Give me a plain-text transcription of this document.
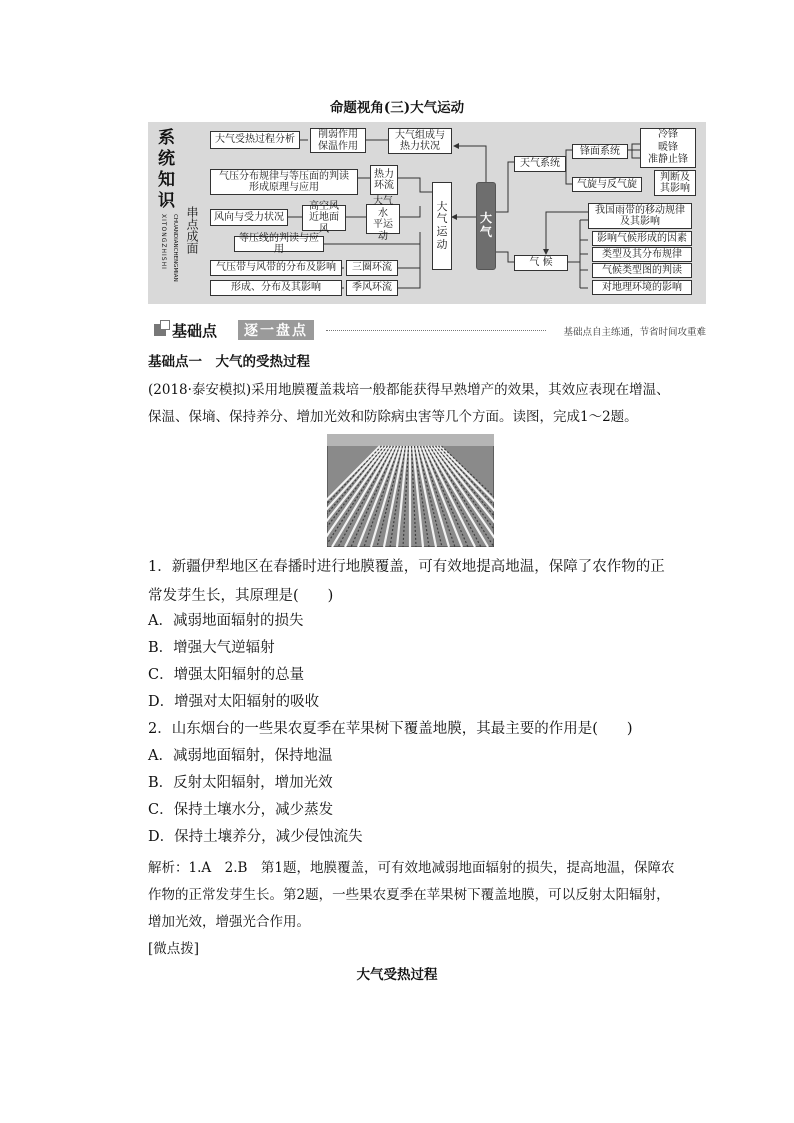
命题视角(三)大气运动
系
统
知
识
XITONGZHISHI 串点成面
CHUANDIANCHENGMIAN
大气受热过程分析	削弱作用
保温作用
大气组成与
热力状况
气压分布规律与等压面的判读
形成原理与应用
热力
环流
风向与受力状况
高空风
近地面风
大气水
平运动
等压线的判读与应用
气压带与风带的分布及影响	三圈环流
形成、分布及其影响	季风环流
大
气
运
动
大
气
天气系统
锋面系统
冷锋
暖锋
准静止锋
气旋与反气旋
判断及
其影响
我国雨带的移动规律
及其影响
气 候
影响气候形成的因素
类型及其分布规律
气候类型图的判读
对地理环境的影响
基础点	逐一盘点	基础点自主练通，节省时间攻重难
基础点一　大气的受热过程
(2018·泰安模拟)采用地膜覆盖栽培一般都能获得早熟增产的效果，其效应表现在增温、保温、保墒、保持养分、增加光效和防除病虫害等几个方面。读图，完成1～2题。
1．新疆伊犁地区在春播时进行地膜覆盖，可有效地提高地温，保障了农作物的正常发芽生长，其原理是(　　)
A．减弱地面辐射的损失
B．增强大气逆辐射
C．增强太阳辐射的总量
D．增强对太阳辐射的吸收
2．山东烟台的一些果农夏季在苹果树下覆盖地膜，其最主要的作用是(　　)
A．减弱地面辐射，保持地温
B．反射太阳辐射，增加光效
C．保持土壤水分，减少蒸发
D．保持土壤养分，减少侵蚀流失
解析：1.A　2.B　第1题，地膜覆盖，可有效地减弱地面辐射的损失，提高地温，保障农作物的正常发芽生长。第2题，一些果农夏季在苹果树下覆盖地膜，可以反射太阳辐射，增加光效，增强光合作用。
[微点拨]
大气受热过程
